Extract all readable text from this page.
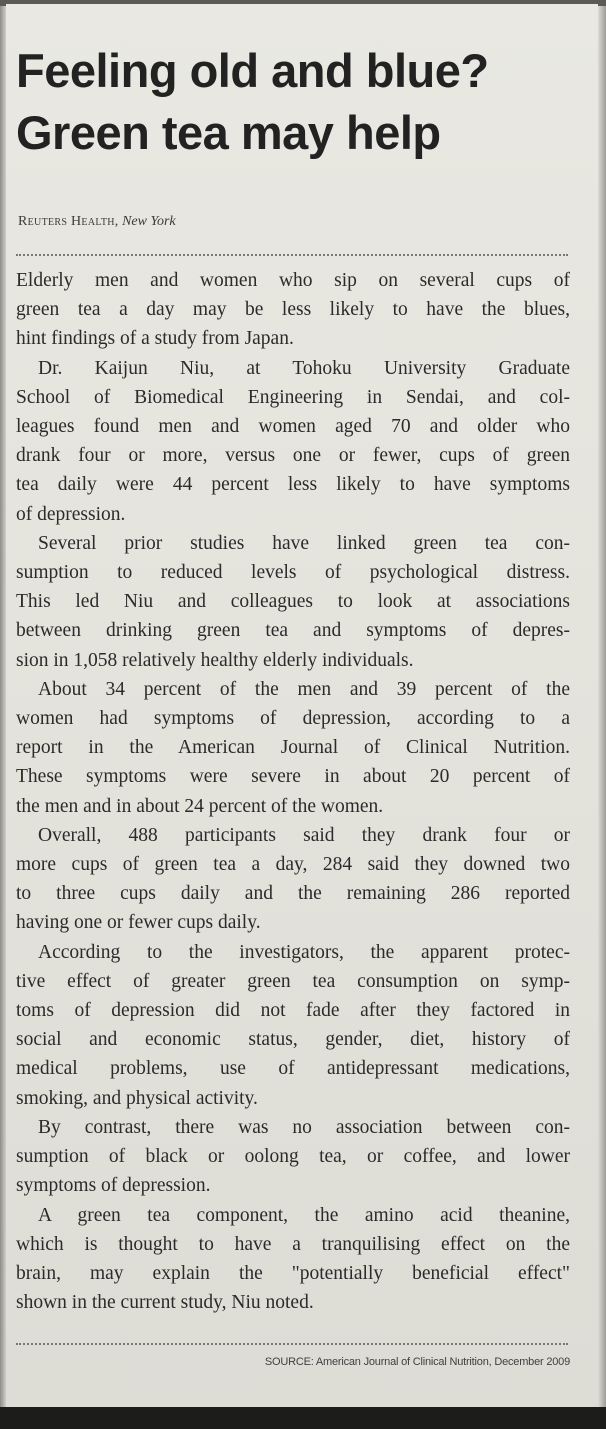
Feeling old and blue?
Green tea may help
Reuters Health, New York

Elderly men and women who sip on several cups of
green tea a day may be less likely to have the blues,
hint findings of a study from Japan.

Dr. Kaijun Niu, at Tohoku University Graduate
School of Biomedical Engineering in Sendai, and col-
leagues found men and women aged 70 and older who
drank four or more, versus one or fewer, cups of green
tea daily were 44 percent less likely to have symptoms
of depression.

Several prior studies have linked green tea con-
sumption to reduced levels of psychological distress.
This led Niu and colleagues to look at associations
between drinking green tea and symptoms of depres-
sion in 1,058 relatively healthy elderly individuals.

About 34 percent of the men and 39 percent of the
women had symptoms of depression, according to a
report in the American Journal of Clinical Nutrition.
These symptoms were severe in about 20 percent of
the men and in about 24 percent of the women.

Overall, 488 participants said they drank four or
more cups of green tea a day, 284 said they downed two
to three cups daily and the remaining 286 reported
having one or fewer cups daily.

According to the investigators, the apparent protec-
tive effect of greater green tea consumption on symp-
toms of depression did not fade after they factored in
social and economic status, gender, diet, history of
medical problems, use of antidepressant medications,
smoking, and physical activity.

By contrast, there was no association between con-
sumption of black or oolong tea, or coffee, and lower
symptoms of depression.

A green tea component, the amino acid theanine,
which is thought to have a tranquilising effect on the
brain, may explain the "potentially beneficial effect"
shown in the current study, Niu noted.

SOURCE: American Journal of Clinical Nutrition, December 2009
